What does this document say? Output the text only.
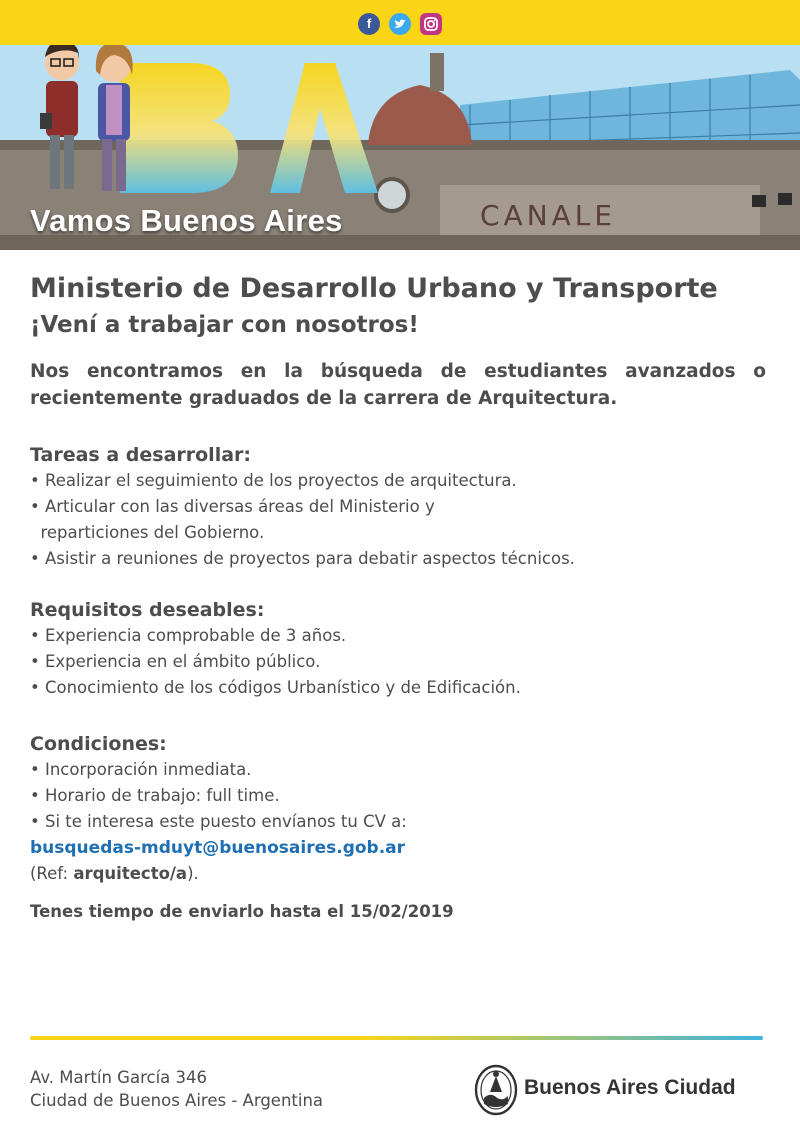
f
CANALE
Vamos Buenos Aires
Ministerio de Desarrollo Urbano y Transporte
¡Vení a trabajar con nosotros!

Nos encontramos en la búsqueda de estudiantes avanzados o recientemente graduados de la carrera de Arquitectura.

Tareas a desarrollar:
• Realizar el seguimiento de los proyectos de arquitectura.
• Articular con las diversas áreas del Ministerio y
reparticiones del Gobierno.
• Asistir a reuniones de proyectos para debatir aspectos técnicos.
Requisitos deseables:
• Experiencia comprobable de 3 años.
• Experiencia en el ámbito público.
• Conocimiento de los códigos Urbanístico y de Edificación.
Condiciones:
• Incorporación inmediata.
• Horario de trabajo: full time.
• Si te interesa este puesto envíanos tu CV a:
busquedas-mduyt@buenosaires.gob.ar
(Ref: arquitecto/a).
Tenes tiempo de enviarlo hasta el 15/02/2019
Av. Martín García 346
Ciudad de Buenos Aires - Argentina
Buenos Aires Ciudad
